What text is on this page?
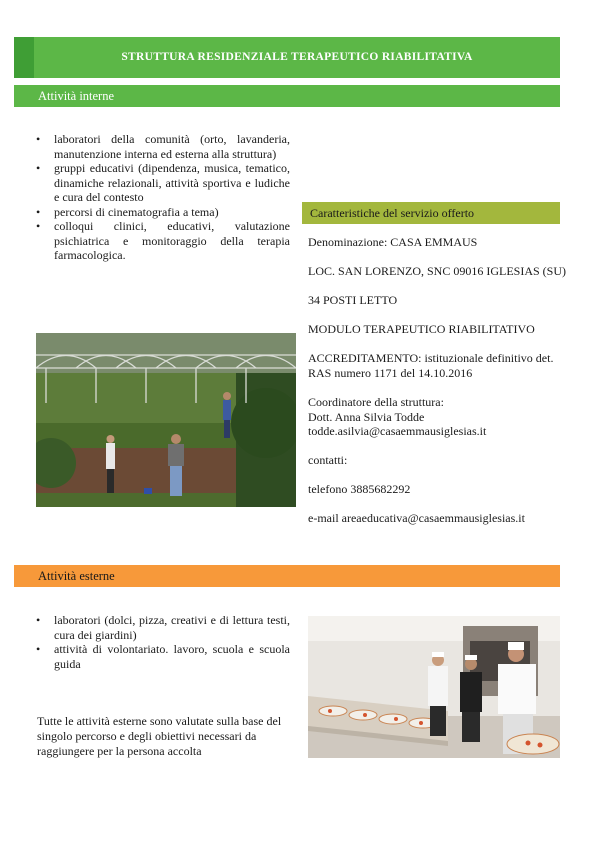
STRUTTURA RESIDENZIALE TERAPEUTICO RIABILITATIVA
Attività interne
• laboratori della comunità (orto, lavanderia, manutenzione interna ed esterna alla struttura)
• gruppi educativi (dipendenza, musica, tematico, dinamiche relazionali, attività sportiva e ludiche e cura del contesto
• percorsi di cinematografia a tema)
• colloqui clinici, educativi, valutazione psichiatrica e monitoraggio della terapia farmacologica.
Caratteristiche del servizio offerto
Denominazione: CASA EMMAUS
LOC. SAN LORENZO, SNC 09016 IGLESIAS (SU)
34 POSTI LETTO
MODULO TERAPEUTICO RIABILITATIVO

ACCREDITAMENTO: istituzionale definitivo det.

RAS numero 1171 del 14.10.2016

Coordinatore della struttura:

Dott. Anna Silvia Todde

todde.asilvia@casaemmausiglesias.it

contatti:
telefono 3885682292
e-mail areaeducativa@casaemmausiglesias.it
Attività esterne
• laboratori (dolci, pizza, creativi e di lettura testi, cura dei giardini)
• attività di volontariato. lavoro, scuola e scuola guida
Tutte le attività esterne sono valutate sulla base del singolo percorso e degli obiettivi necessari da raggiungere per la persona accolta
